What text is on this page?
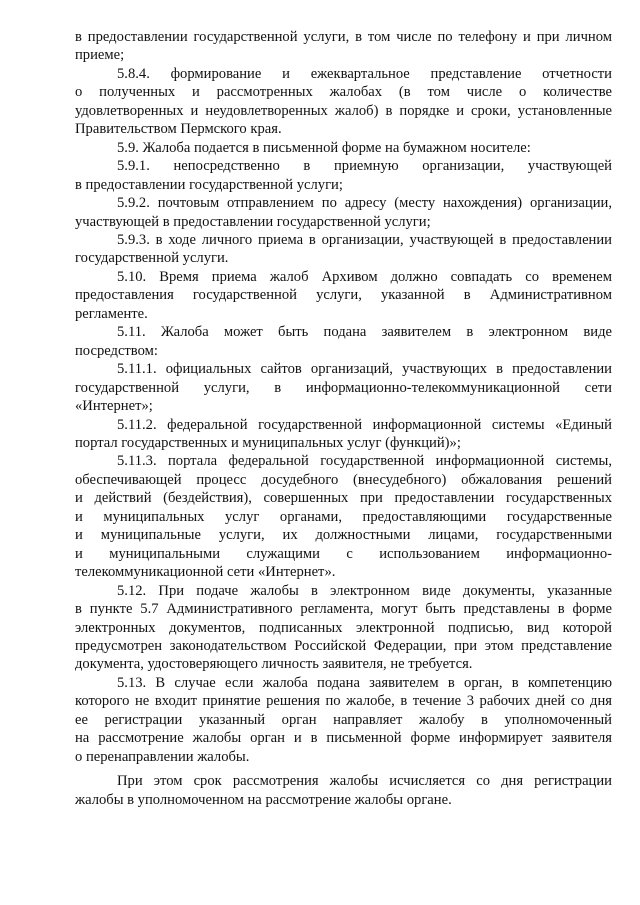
в предоставлении государственной услуги, в том числе по телефону и при личном
приеме;

5.8.4. формирование и ежеквартальное представление отчетности
о полученных и рассмотренных жалобах (в том числе о количестве
удовлетворенных и неудовлетворенных жалоб) в порядке и сроки, установленные
Правительством Пермского края.

5.9. Жалоба подается в письменной форме на бумажном носителе:

5.9.1. непосредственно в приемную организации, участвующей
в предоставлении государственной услуги;

5.9.2. почтовым отправлением по адресу (месту нахождения) организации,
участвующей в предоставлении государственной услуги;

5.9.3. в ходе личного приема в организации, участвующей в предоставлении
государственной услуги.

5.10. Время приема жалоб Архивом должно совпадать со временем
предоставления государственной услуги, указанной в Административном
регламенте.

5.11. Жалоба может быть подана заявителем в электронном виде
посредством:

5.11.1. официальных сайтов организаций, участвующих в предоставлении
государственной услуги, в информационно-телекоммуникационной сети
«Интернет»;

5.11.2. федеральной государственной информационной системы «Единый
портал государственных и муниципальных услуг (функций)»;

5.11.3. портала федеральной государственной информационной системы,
обеспечивающей процесс досудебного (внесудебного) обжалования решений
и действий (бездействия), совершенных при предоставлении государственных
и муниципальных услуг органами, предоставляющими государственные
и муниципальные услуги, их должностными лицами, государственными
и муниципальными служащими с использованием информационно-
телекоммуникационной сети «Интернет».

5.12. При подаче жалобы в электронном виде документы, указанные
в пункте 5.7 Административного регламента, могут быть представлены в форме
электронных документов, подписанных электронной подписью, вид которой
предусмотрен законодательством Российской Федерации, при этом представление
документа, удостоверяющего личность заявителя, не требуется.

5.13. В случае если жалоба подана заявителем в орган, в компетенцию
которого не входит принятие решения по жалобе, в течение 3 рабочих дней со дня
ее регистрации указанный орган направляет жалобу в уполномоченный
на рассмотрение жалобы орган и в письменной форме информирует заявителя
о перенаправлении жалобы.

При этом срок рассмотрения жалобы исчисляется со дня регистрации
жалобы в уполномоченном на рассмотрение жалобы органе.
